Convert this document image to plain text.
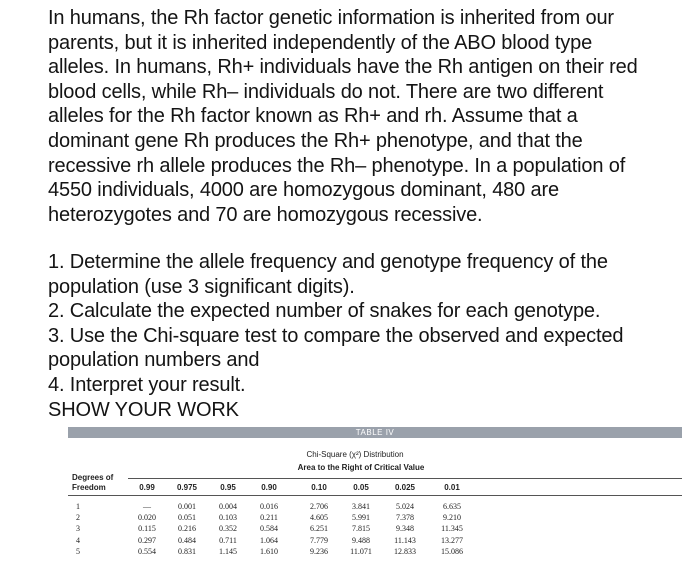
In humans, the Rh factor genetic information is inherited from our
parents, but it is inherited independently of the ABO blood type
alleles. In humans, Rh+ individuals have the Rh antigen on their red
blood cells, while Rh– individuals do not. There are two different
alleles for the Rh factor known as Rh+ and rh. Assume that a
dominant gene Rh produces the Rh+ phenotype, and that the
recessive rh allele produces the Rh– phenotype. In a population of
4550 individuals, 4000 are homozygous dominant, 480 are
heterozygotes and 70 are homozygous recessive.
1. Determine the allele frequency and genotype frequency of the
population (use 3 significant digits).
2. Calculate the expected number of snakes for each genotype.
3. Use the Chi-square test to compare the observed and expected
population numbers and
4. Interpret your result.
SHOW YOUR WORK
TABLE IV
Chi-Square (χ²) Distribution
Area to the Right of Critical Value
Degrees of
Freedom	0.99	0.975	0.95	0.90	0.10	0.05	0.025	0.01
1	—	0.001	0.004	0.016	2.706	3.841	5.024	6.635
2	0.020	0.051	0.103	0.211	4.605	5.991	7.378	9.210
3	0.115	0.216	0.352	0.584	6.251	7.815	9.348	11.345
4	0.297	0.484	0.711	1.064	7.779	9.488	11.143	13.277
5	0.554	0.831	1.145	1.610	9.236	11.071	12.833	15.086
